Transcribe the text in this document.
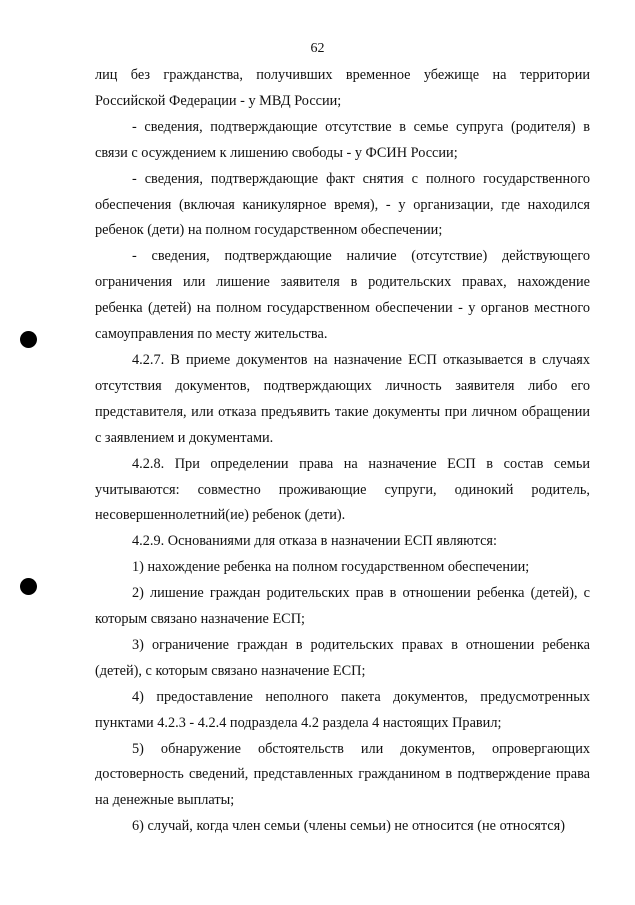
62

лиц без гражданства, получивших временное убежище на территории Российской Федерации - у МВД России;

- сведения, подтверждающие отсутствие в семье супруга (родителя) в связи с осуждением к лишению свободы - у ФСИН России;

- сведения, подтверждающие факт снятия с полного государственного обеспечения (включая каникулярное время), - у организации, где находился ребенок (дети) на полном государственном обеспечении;

- сведения, подтверждающие наличие (отсутствие) действующего ограничения или лишение заявителя в родительских правах, нахождение ребенка (детей) на полном государственном обеспечении - у органов местного самоуправления по месту жительства.

4.2.7. В приеме документов на назначение ЕСП отказывается в случаях отсутствия документов, подтверждающих личность заявителя либо его представителя, или отказа предъявить такие документы при личном обращении с заявлением и документами.

4.2.8. При определении права на назначение ЕСП в состав семьи учитываются: совместно проживающие супруги, одинокий родитель, несовершеннолетний(ие) ребенок (дети).

4.2.9. Основаниями для отказа в назначении ЕСП являются:

1) нахождение ребенка на полном государственном обеспечении;

2) лишение граждан родительских прав в отношении ребенка (детей), с которым связано назначение ЕСП;

3) ограничение граждан в родительских правах в отношении ребенка (детей), с которым связано назначение ЕСП;

4) предоставление неполного пакета документов, предусмотренных пунктами 4.2.3 - 4.2.4 подраздела 4.2 раздела 4 настоящих Правил;

5) обнаружение обстоятельств или документов, опровергающих достоверность сведений, представленных гражданином в подтверждение права на денежные выплаты;

6) случай, когда член семьи (члены семьи) не относится (не относятся)
